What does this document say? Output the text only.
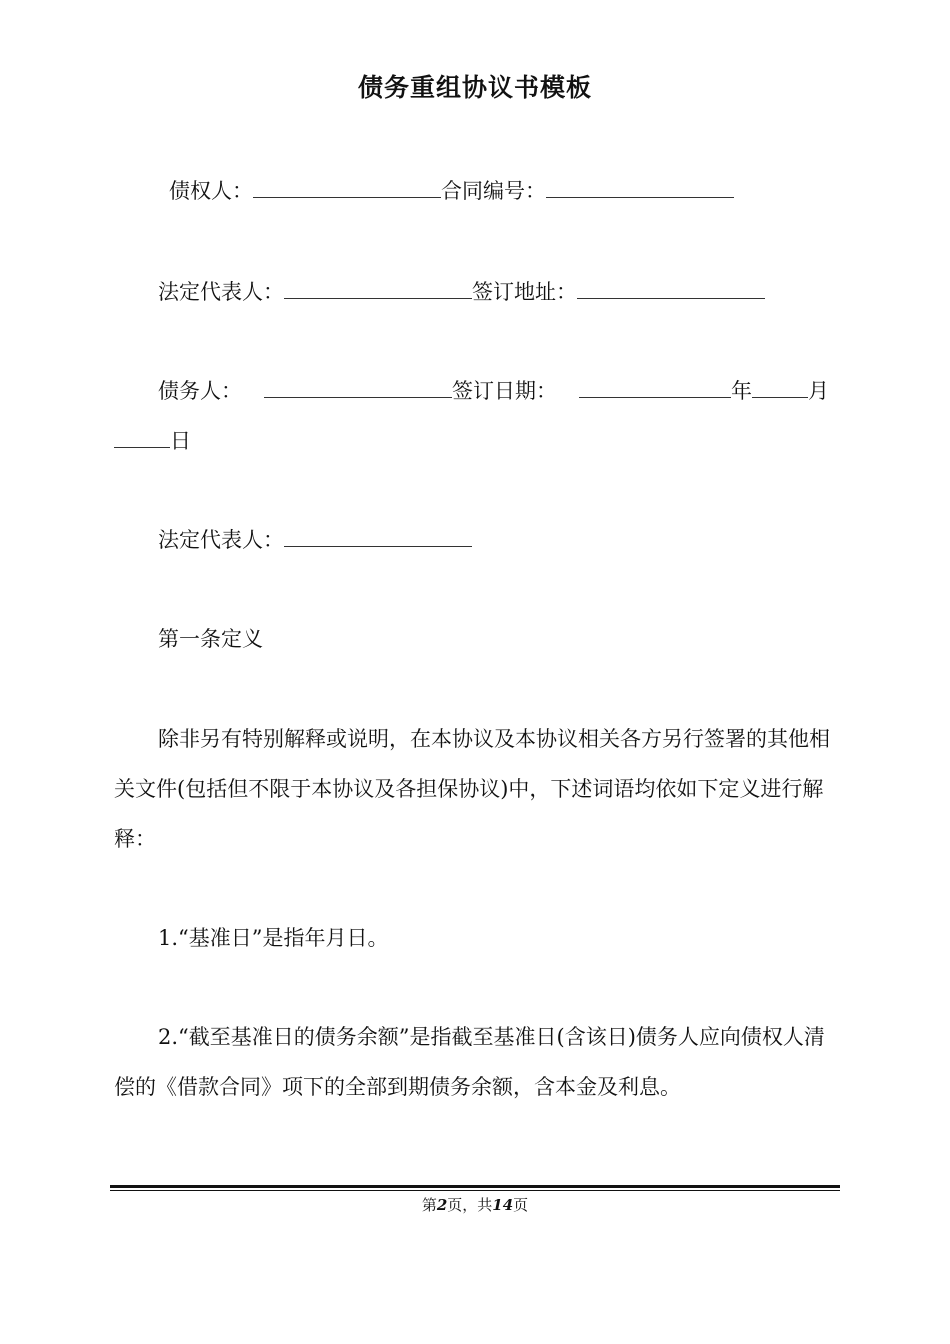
债务重组协议书模板
债权人：	合同编号：
法定代表人：	签订地址：
债务人：	签订日期：	年	月
日
法定代表人：
第一条定义
除非另有特别解释或说明，在本协议及本协议相关各方另行签署的其他相关文件(包括但不限于本协议及各担保协议)中，下述词语均依如下定义进行解释：
1.“基准日”是指年月日。
2.“截至基准日的债务余额”是指截至基准日(含该日)债务人应向债权人清偿的《借款合同》项下的全部到期债务余额，含本金及利息。
第2页，共14页
